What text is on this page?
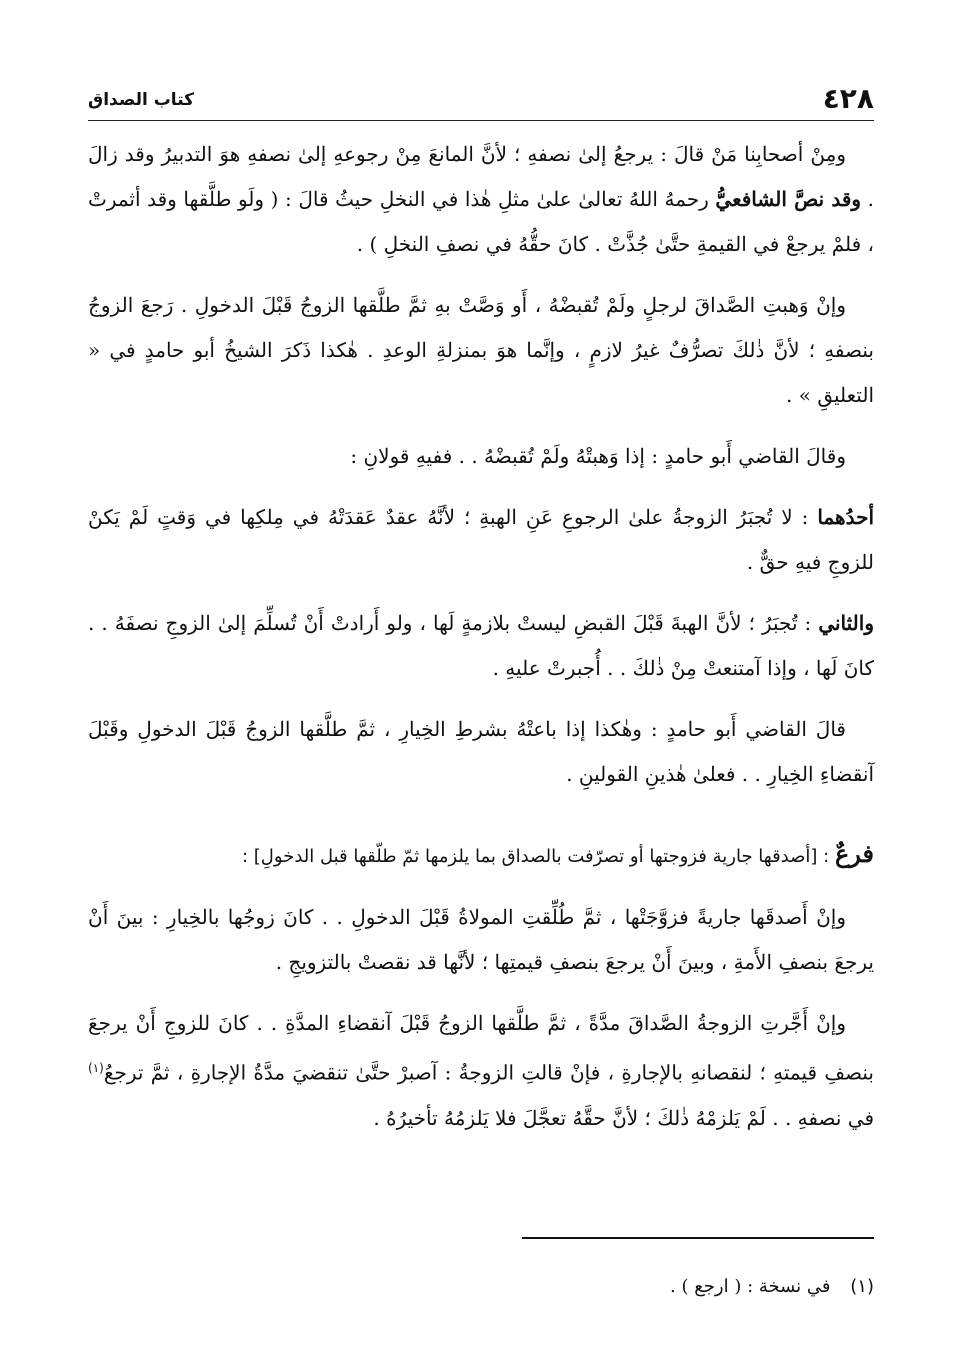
٤٢٨
كتاب الصداق

ومِنْ أصحابِنا مَنْ قالَ : يرجعُ إلىٰ نصفهِ ؛ لأنَّ المانعَ مِنْ رجوعهِ إلىٰ نصفهِ هوَ التدبيرُ وقد زالَ . وقد نصَّ الشافعيُّ رحمهُ اللهُ تعالىٰ علىٰ مثلِ هٰذا في النخلِ حيثُ قالَ : ( ولَو طلَّقها وقد أثمرتْ ، فلمْ يرجعْ في القيمةِ حتَّىٰ جُذَّتْ . كانَ حقُّهُ في نصفِ النخلِ ) .

وإنْ وَهبتِ الصَّداقَ لرجلٍ ولَمْ تُقبضْهُ ، أَو وَصَّتْ بهِ ثمَّ طلَّقها الزوجُ قَبْلَ الدخولِ . رَجعَ الزوجُ بنصفهِ ؛ لأنَّ ذٰلكَ تصرُّفٌ غيرُ لازمٍ ، وإنَّما هوَ بمنزلةِ الوعدِ . هٰكذا ذَكرَ الشيخُ أبو حامدٍ في « التعليقِ » .

وقالَ القاضي أَبو حامدٍ : إذا وَهبتْهُ ولَمْ تُقبضْهُ . . ففيهِ قولانِ :

أحدُهما : لا تُجبَرُ الزوجةُ علىٰ الرجوعِ عَنِ الهبةِ ؛ لأنَّهُ عقدٌ عَقدَتْهُ في مِلكِها في وَقتٍ لَمْ يَكنْ للزوجِ فيهِ حقٌّ .

والثاني : تُجبَرُ ؛ لأنَّ الهبةَ قَبْلَ القبضِ ليستْ بلازمةٍ لَها ، ولو أَرادتْ أَنْ تُسلِّمَ إلىٰ الزوجِ نصفَهُ . . كانَ لَها ، وإذا آمتنعتْ مِنْ ذٰلكَ . . أُجبرتْ عليهِ .

قالَ القاضي أَبو حامدٍ : وهٰكذا إذا باعتْهُ بشرطِ الخِيارِ ، ثمَّ طلَّقها الزوجُ قَبْلَ الدخولِ وقَبْلَ آنقضاءِ الخِيارِ . . فعلىٰ هٰذينِ القولينِ .

فرعٌ : [أصدقها جارية فزوجتها أو تصرّفت بالصداق بما يلزمها ثمّ طلّقها قبل الدخولِ] :

وإنْ أَصدقَها جاريةً فزوَّجَتْها ، ثمَّ طُلِّقتِ المولاةُ قَبْلَ الدخولِ . . كانَ زوجُها بالخِيارِ : بينَ أَنْ يرجعَ بنصفِ الأَمةِ ، وبينَ أَنْ يرجعَ بنصفِ قيمتِها ؛ لأنَّها قد نقصتْ بالتزويجِ .

وإنْ أَجَّرتِ الزوجةُ الصَّداقَ مدَّةً ، ثمَّ طلَّقها الزوجُ قَبْلَ آنقضاءِ المدَّةِ . . كانَ للزوجِ أَنْ يرجعَ بنصفِ قيمتهِ ؛ لنقصانهِ بالإجارةِ ، فإنْ قالتِ الزوجةُ : آصبرْ حتَّىٰ تنقضيَ مدَّةُ الإجارةِ ، ثمَّ ترجعُ$^{(١)}$ في نصفهِ . . لَمْ يَلزمْهُ ذٰلكَ ؛ لأنَّ حقَّهُ تعجَّلَ فلا يَلزمُهُ تأخيرُهُ .

(١) في نسخة : ( ارجع ) .
